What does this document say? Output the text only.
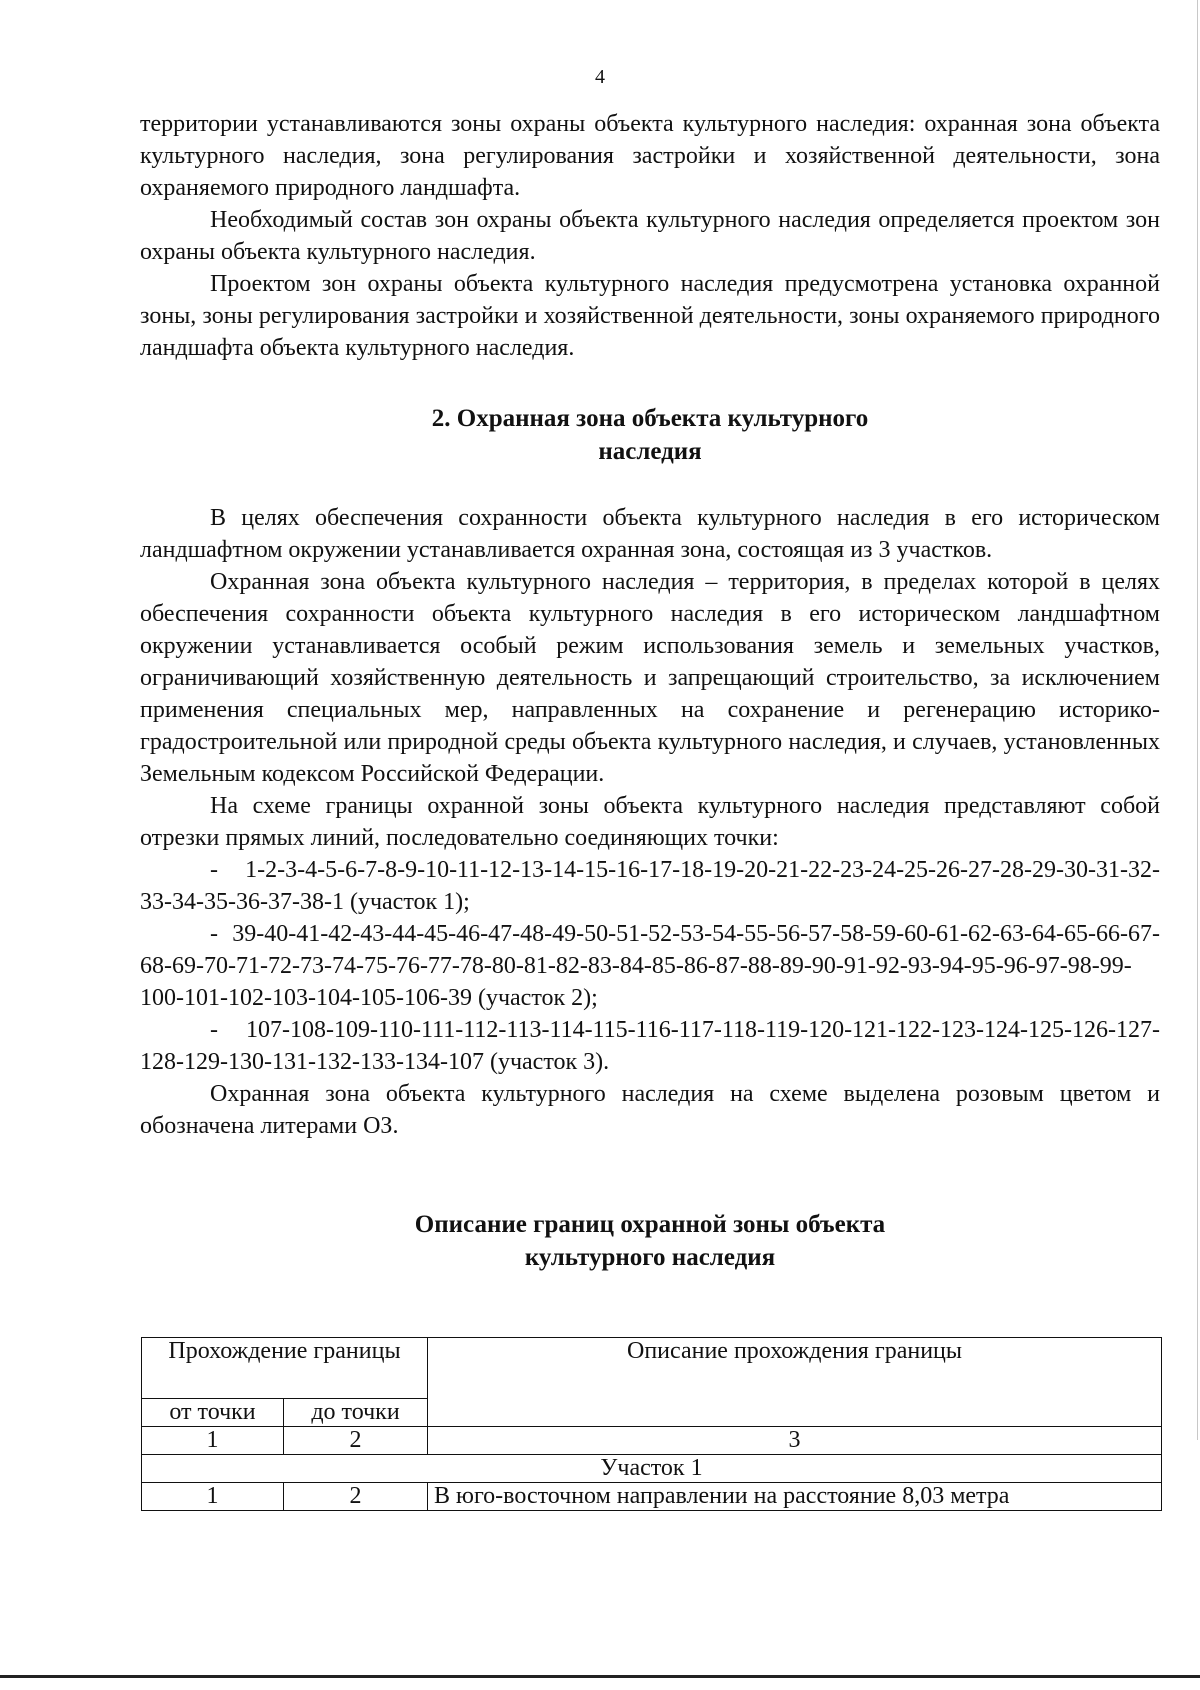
4

территории устанавливаются зоны охраны объекта культурного наследия: охранная зона объекта культурного наследия, зона регулирования застройки и хозяйственной деятельности, зона охраняемого природного ландшафта.

Необходимый состав зон охраны объекта культурного наследия определяется проектом зон охраны объекта культурного наследия.

Проектом зон охраны объекта культурного наследия предусмотрена установка охранной зоны, зоны регулирования застройки и хозяйственной деятельности, зоны охраняемого природного ландшафта объекта культурного наследия.

2. Охранная зона объекта культурного
наследия

В целях обеспечения сохранности объекта культурного наследия в его историческом ландшафтном окружении устанавливается охранная зона, состоящая из 3 участков.

Охранная зона объекта культурного наследия – территория, в пределах которой в целях обеспечения сохранности объекта культурного наследия в его историческом ландшафтном окружении устанавливается особый режим использования земель и земельных участков, ограничивающий хозяйственную деятельность и запрещающий строительство, за исключением применения специальных мер, направленных на сохранение и регенерацию историко-градостроительной или природной среды объекта культурного наследия, и случаев, установленных Земельным кодексом Российской Федерации.

На схеме границы охранной зоны объекта культурного наследия представляют собой отрезки прямых линий, последовательно соединяющих точки:

- 1-2-3-4-5-6-7-8-9-10-11-12-13-14-15-16-17-18-19-20-21-22-23-24-25-26-27-28-29-30-31-32-33-34-35-36-37-38-1 (участок 1);

- 39-40-41-42-43-44-45-46-47-48-49-50-51-52-53-54-55-56-57-58-59-60-61-62-63-64-65-66-67-68-69-70-71-72-73-74-75-76-77-78-80-81-82-83-84-85-86-87-88-89-90-91-92-93-94-95-96-97-98-99-100-101-102-103-104-105-106-39 (участок 2);

- 107-108-109-110-111-112-113-114-115-116-117-118-119-120-121-122-123-124-125-126-127-128-129-130-131-132-133-134-107 (участок 3).

Охранная зона объекта культурного наследия на схеме выделена розовым цветом и обозначена литерами ОЗ.

Описание границ охранной зоны объекта
культурного наследия
Прохождение границы		Описание прохождения границы
от точки	до точки	
1	2	3
Участок 1		
1	2	В юго-восточном направлении на расстояние 8,03 метра
